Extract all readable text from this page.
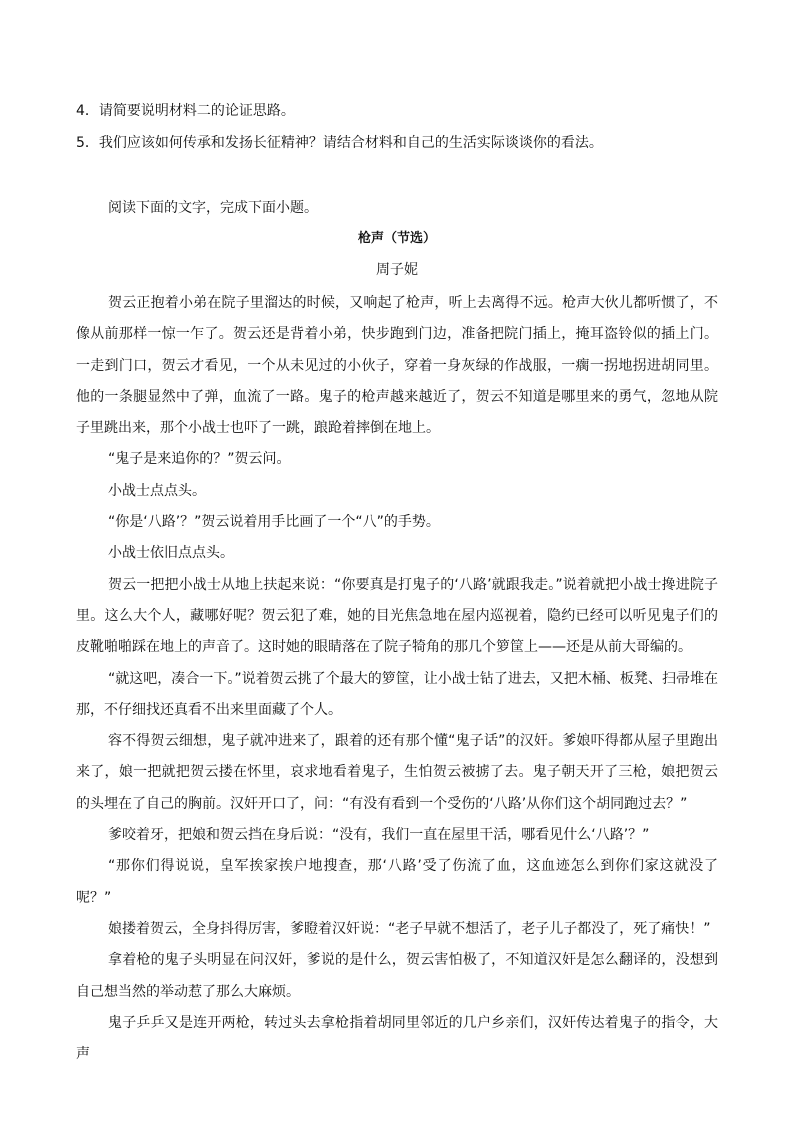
4．请简要说明材料二的论证思路。
5．我们应该如何传承和发扬长征精神？请结合材料和自己的生活实际谈谈你的看法。
阅读下面的文字，完成下面小题。
枪声（节选）
周子妮

贺云正抱着小弟在院子里溜达的时候，又响起了枪声，听上去离得不远。枪声大伙儿都听惯了，不像从前那样一惊一乍了。贺云还是背着小弟，快步跑到门边，准备把院门插上，掩耳盗铃似的插上门。一走到门口，贺云才看见，一个从未见过的小伙子，穿着一身灰绿的作战服，一瘸一拐地拐进胡同里。他的一条腿显然中了弹，血流了一路。鬼子的枪声越来越近了，贺云不知道是哪里来的勇气，忽地从院子里跳出来，那个小战士也吓了一跳，踉跄着摔倒在地上。

“鬼子是来追你的？”贺云问。

小战士点点头。

“你是‘八路’？”贺云说着用手比画了一个“八”的手势。

小战士依旧点点头。

贺云一把把小战士从地上扶起来说：“你要真是打鬼子的‘八路’就跟我走。”说着就把小战士搀进院子里。这么大个人，藏哪好呢？贺云犯了难，她的目光焦急地在屋内巡视着，隐约已经可以听见鬼子们的皮靴啪啪踩在地上的声音了。这时她的眼睛落在了院子犄角的那几个箩筐上——还是从前大哥编的。

“就这吧，凑合一下。”说着贺云挑了个最大的箩筐，让小战士钻了进去，又把木桶、板凳、扫帚堆在那，不仔细找还真看不出来里面藏了个人。

容不得贺云细想，鬼子就冲进来了，跟着的还有那个懂“鬼子话”的汉奸。爹娘吓得都从屋子里跑出来了，娘一把就把贺云搂在怀里，哀求地看着鬼子，生怕贺云被掳了去。鬼子朝天开了三枪，娘把贺云的头埋在了自己的胸前。汉奸开口了，问：“有没有看到一个受伤的‘八路’从你们这个胡同跑过去？”

爹咬着牙，把娘和贺云挡在身后说：“没有，我们一直在屋里干活，哪看见什么‘八路’？”

“那你们得说说，皇军挨家挨户地搜查，那‘八路’受了伤流了血，这血迹怎么到你们家这就没了呢？”

娘搂着贺云，全身抖得厉害，爹瞪着汉奸说：“老子早就不想活了，老子儿子都没了，死了痛快！”

拿着枪的鬼子头明显在问汉奸，爹说的是什么，贺云害怕极了，不知道汉奸是怎么翻译的，没想到自己想当然的举动惹了那么大麻烦。

鬼子乒乒又是连开两枪，转过头去拿枪指着胡同里邻近的几户乡亲们，汉奸传达着鬼子的指令，大声
